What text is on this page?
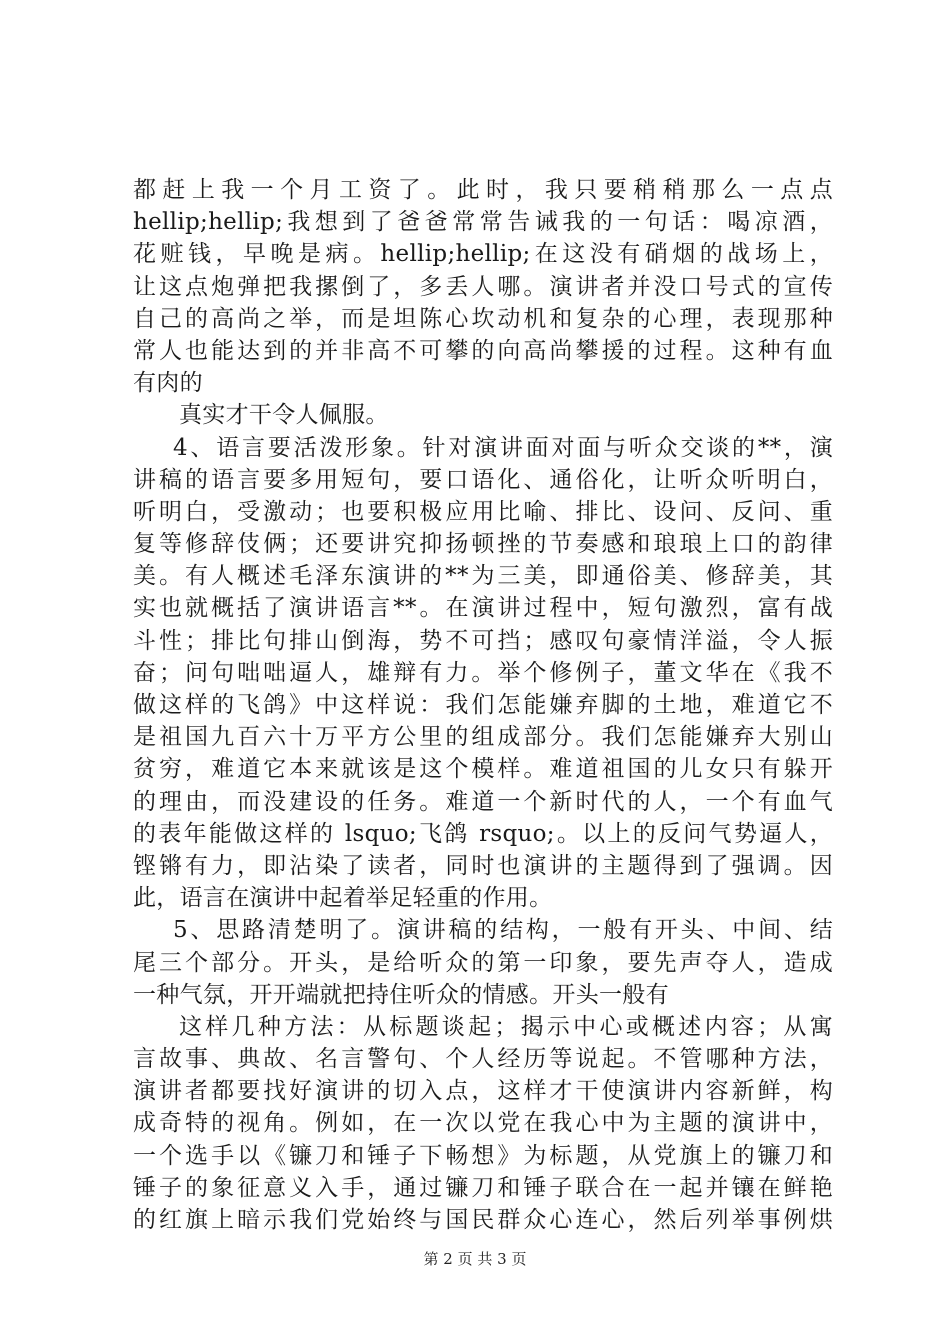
都赶上我一个月工资了。此时，我只要稍稍那么一点点
hellip;hellip;我想到了爸爸常常告诫我的一句话：喝凉酒，
花赃钱，早晚是病。hellip;hellip;在这没有硝烟的战场上，
让这点炮弹把我摞倒了，多丢人哪。演讲者并没口号式的宣传
自己的高尚之举，而是坦陈心坎动机和复杂的心理，表现那种
常人也能达到的并非高不可攀的向高尚攀援的过程。这种有血
有肉的
真实才干令人佩服。
4、语言要活泼形象。针对演讲面对面与听众交谈的**，演
讲稿的语言要多用短句，要口语化、通俗化，让听众听明白，
听明白，受激动；也要积极应用比喻、排比、设问、反问、重
复等修辞伎俩；还要讲究抑扬顿挫的节奏感和琅琅上口的韵律
美。有人概述毛泽东演讲的**为三美，即通俗美、修辞美，其
实也就概括了演讲语言**。在演讲过程中，短句激烈，富有战
斗性；排比句排山倒海，势不可挡；感叹句豪情洋溢，令人振
奋；问句咄咄逼人，雄辩有力。举个修例子，董文华在《我不
做这样的飞鸽》中这样说：我们怎能嫌弃脚的土地，难道它不
是祖国九百六十万平方公里的组成部分。我们怎能嫌弃大别山
贫穷，难道它本来就该是这个模样。难道祖国的儿女只有躲开
的理由，而没建设的任务。难道一个新时代的人，一个有血气
的表年能做这样的 lsquo;飞鸽 rsquo;。以上的反问气势逼人，
铿锵有力，即沾染了读者，同时也演讲的主题得到了强调。因
此，语言在演讲中起着举足轻重的作用。
5、思路清楚明了。演讲稿的结构，一般有开头、中间、结
尾三个部分。开头，是给听众的第一印象，要先声夺人，造成
一种气氛，开开端就把持住听众的情感。开头一般有
这样几种方法：从标题谈起；揭示中心或概述内容；从寓
言故事、典故、名言警句、个人经历等说起。不管哪种方法，
演讲者都要找好演讲的切入点，这样才干使演讲内容新鲜，构
成奇特的视角。例如，在一次以党在我心中为主题的演讲中，
一个选手以《镰刀和锤子下畅想》为标题，从党旗上的镰刀和
锤子的象征意义入手，通过镰刀和锤子联合在一起并镶在鲜艳
的红旗上暗示我们党始终与国民群众心连心，然后列举事例烘
第 2 页 共 3 页
